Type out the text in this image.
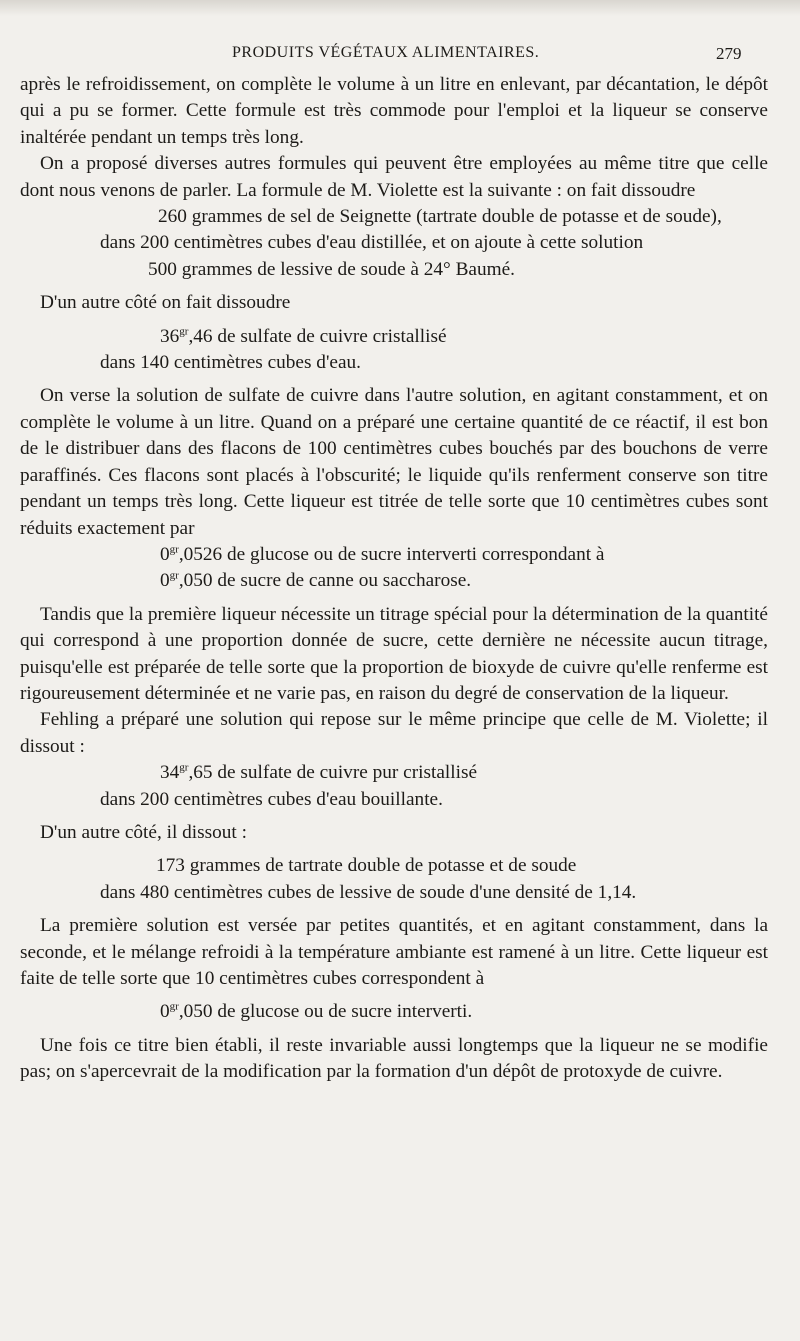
PRODUITS VÉGÉTAUX ALIMENTAIRES.	279

après le refroidissement, on complète le volume à un litre en enlevant, par décantation, le dépôt qui a pu se former. Cette formule est très commode pour l'emploi et la liqueur se conserve inaltérée pendant un temps très long.

On a proposé diverses autres formules qui peuvent être employées au même titre que celle dont nous venons de parler. La formule de M. Violette est la suivante : on fait dissoudre

260 grammes de sel de Seignette (tartrate double de potasse et de soude),
dans 200 centimètres cubes d'eau distillée, et on ajoute à cette solution
500 grammes de lessive de soude à 24° Baumé.

D'un autre côté on fait dissoudre

$36^{gr},46$ de sulfate de cuivre cristallisé
dans 140 centimètres cubes d'eau.

On verse la solution de sulfate de cuivre dans l'autre solution, en agitant constamment, et on complète le volume à un litre. Quand on a préparé une certaine quantité de ce réactif, il est bon de le distribuer dans des flacons de 100 centimètres cubes bouchés par des bouchons de verre paraffinés. Ces flacons sont placés à l'obscurité; le liquide qu'ils renferment conserve son titre pendant un temps très long. Cette liqueur est titrée de telle sorte que 10 centimètres cubes sont réduits exactement par

$0^{gr},0526$ de glucose ou de sucre interverti correspondant à
$0^{gr},050$ de sucre de canne ou saccharose.

Tandis que la première liqueur nécessite un titrage spécial pour la détermination de la quantité qui correspond à une proportion donnée de sucre, cette dernière ne nécessite aucun titrage, puisqu'elle est préparée de telle sorte que la proportion de bioxyde de cuivre qu'elle renferme est rigoureusement déterminée et ne varie pas, en raison du degré de conservation de la liqueur.

Fehling a préparé une solution qui repose sur le même principe que celle de M. Violette; il dissout :

$34^{gr},65$ de sulfate de cuivre pur cristallisé
dans 200 centimètres cubes d'eau bouillante.

D'un autre côté, il dissout :

173 grammes de tartrate double de potasse et de soude
dans 480 centimètres cubes de lessive de soude d'une densité de 1,14.

La première solution est versée par petites quantités, et en agitant constamment, dans la seconde, et le mélange refroidi à la température ambiante est ramené à un litre. Cette liqueur est faite de telle sorte que 10 centimètres cubes correspondent à

$0^{gr},050$ de glucose ou de sucre interverti.

Une fois ce titre bien établi, il reste invariable aussi longtemps que la liqueur ne se modifie pas; on s'apercevrait de la modification par la formation d'un dépôt de protoxyde de cuivre.
